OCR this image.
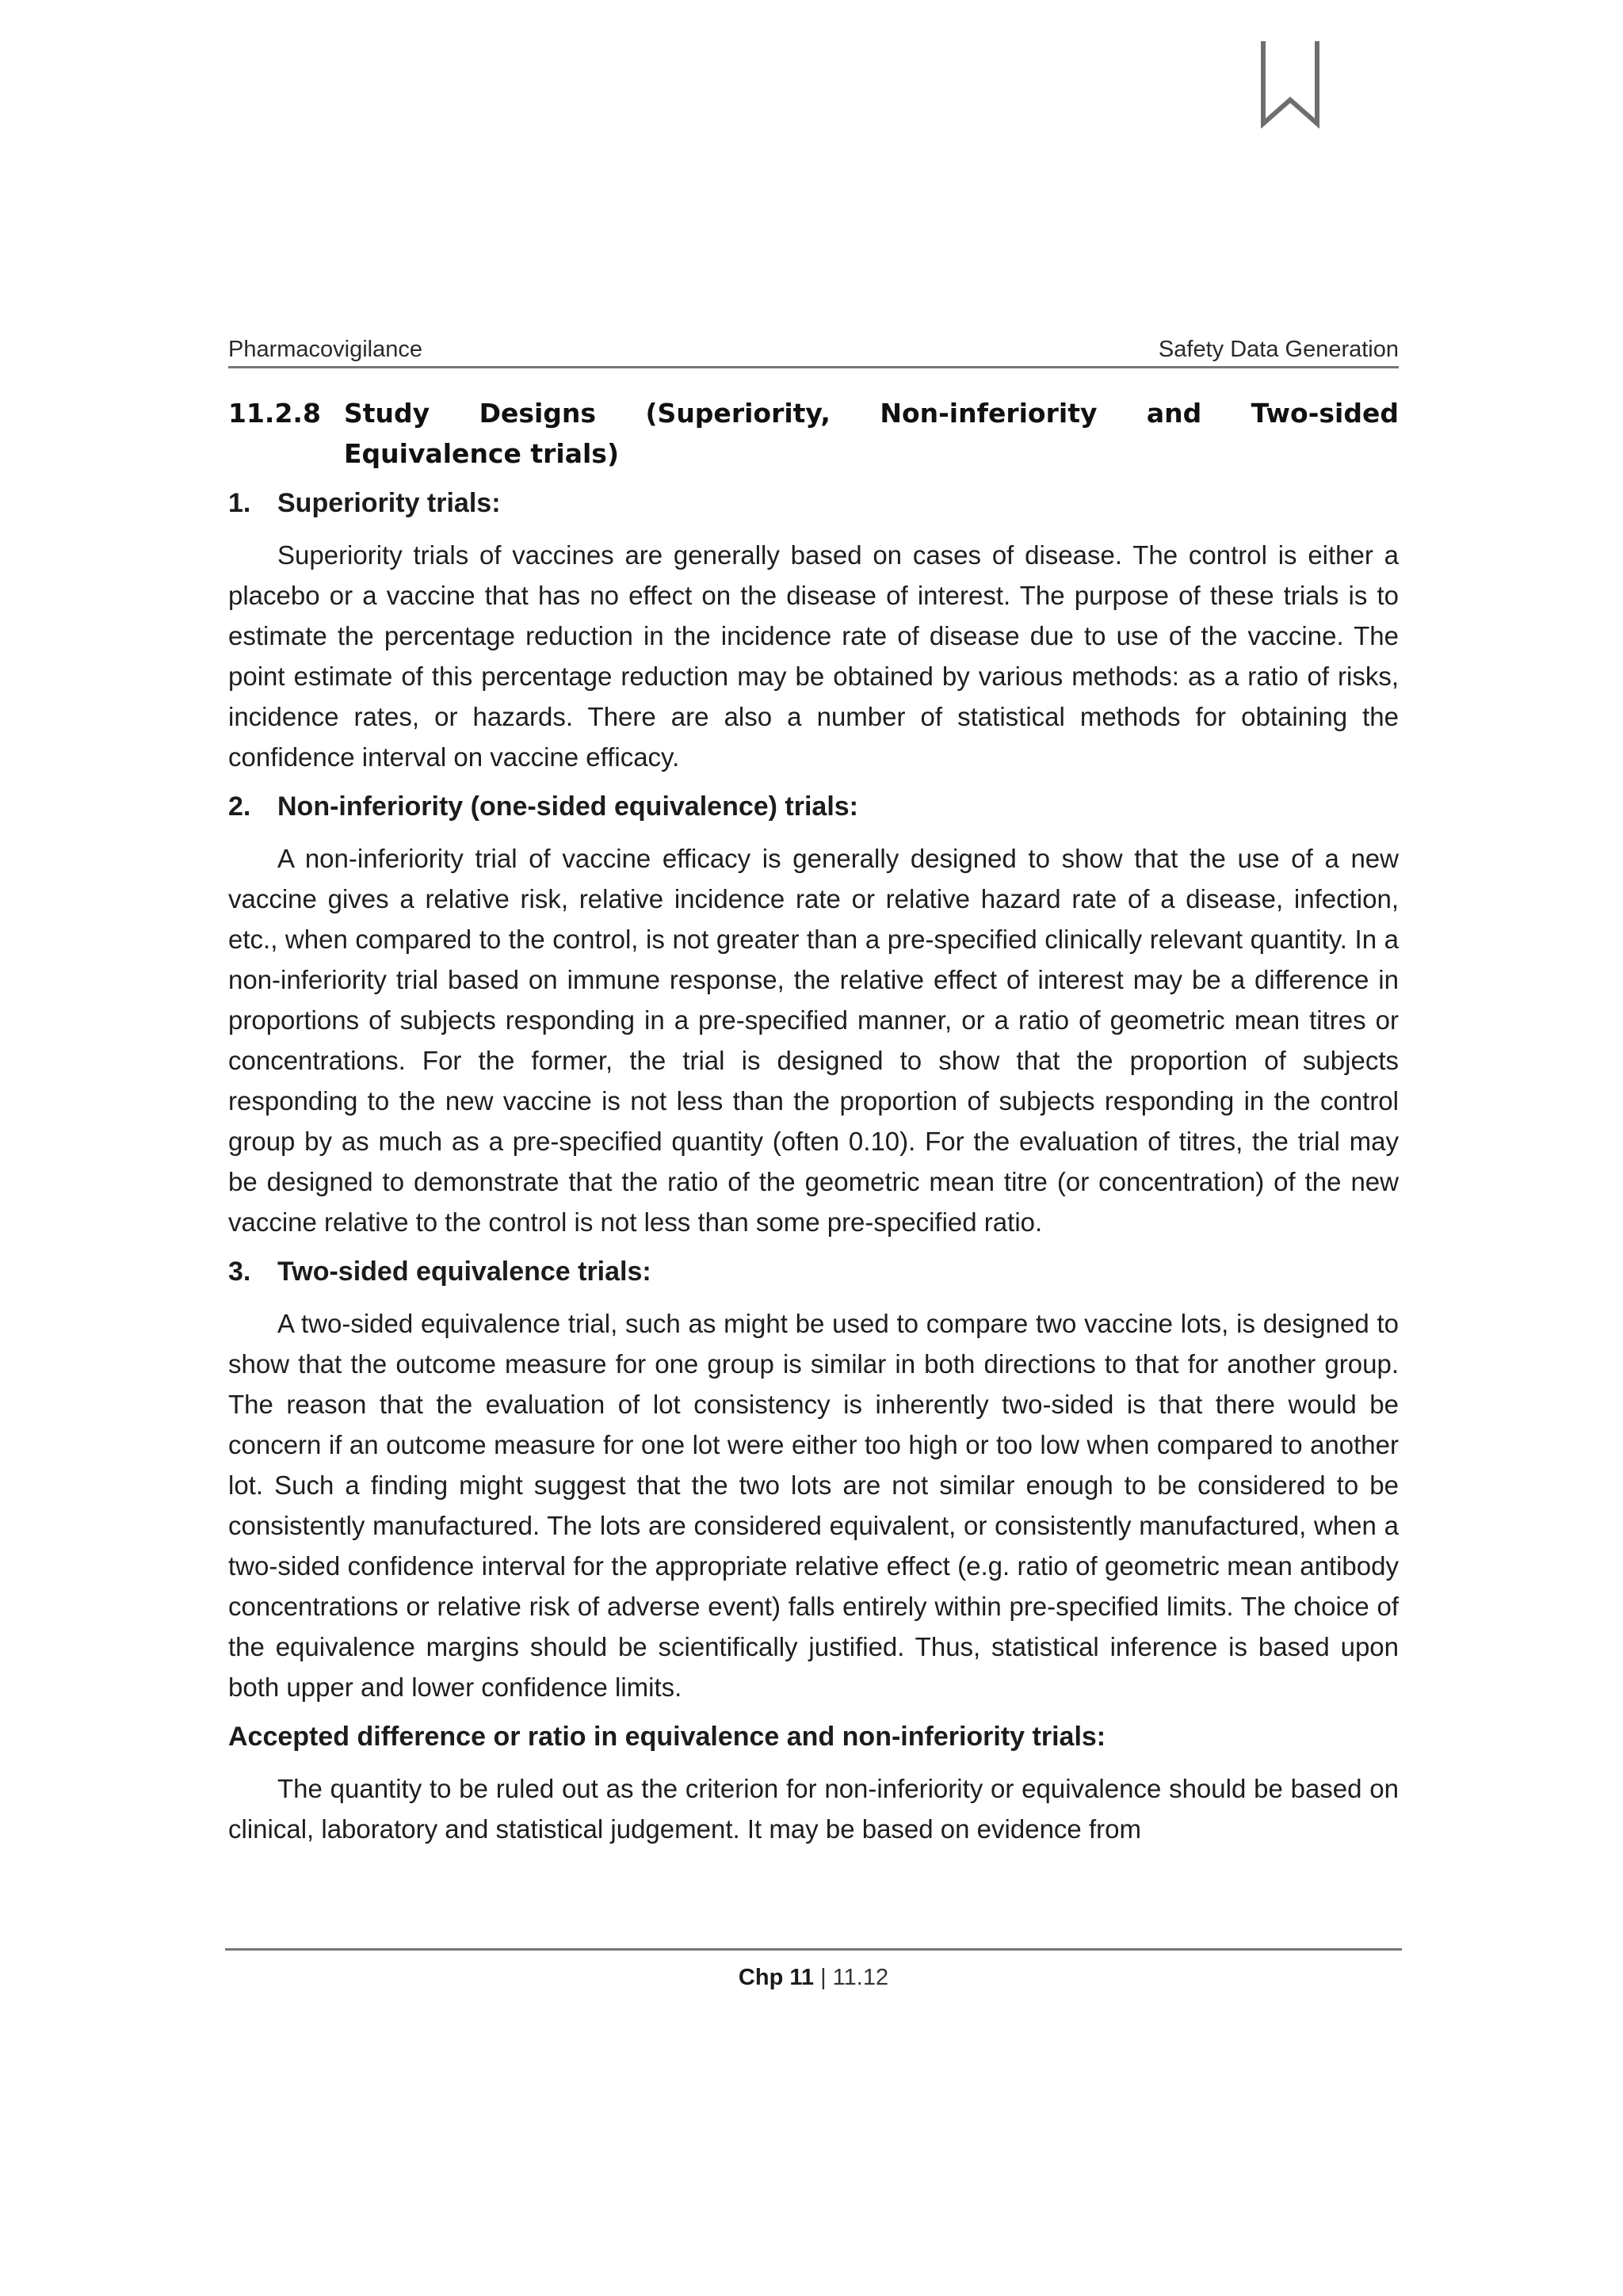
Pharmacovigilance	Safety Data Generation
11.2.8 Study Designs (Superiority, Non-inferiority and Two-sided
Equivalence trials)
1. Superiority trials:

Superiority trials of vaccines are generally based on cases of disease. The control is either a placebo or a vaccine that has no effect on the disease of interest. The purpose of these trials is to estimate the percentage reduction in the incidence rate of disease due to use of the vaccine. The point estimate of this percentage reduction may be obtained by various methods: as a ratio of risks, incidence rates, or hazards. There are also a number of statistical methods for obtaining the confidence interval on vaccine efficacy.

2. Non-inferiority (one-sided equivalence) trials:

A non-inferiority trial of vaccine efficacy is generally designed to show that the use of a new vaccine gives a relative risk, relative incidence rate or relative hazard rate of a disease, infection, etc., when compared to the control, is not greater than a pre-specified clinically relevant quantity. In a non-inferiority trial based on immune response, the relative effect of interest may be a difference in proportions of subjects responding in a pre-specified manner, or a ratio of geometric mean titres or concentrations. For the former, the trial is designed to show that the proportion of subjects responding to the new vaccine is not less than the proportion of subjects responding in the control group by as much as a pre-specified quantity (often 0.10). For the evaluation of titres, the trial may be designed to demonstrate that the ratio of the geometric mean titre (or concentration) of the new vaccine relative to the control is not less than some pre-specified ratio.

3. Two-sided equivalence trials:

A two-sided equivalence trial, such as might be used to compare two vaccine lots, is designed to show that the outcome measure for one group is similar in both directions to that for another group. The reason that the evaluation of lot consistency is inherently two-sided is that there would be concern if an outcome measure for one lot were either too high or too low when compared to another lot. Such a finding might suggest that the two lots are not similar enough to be considered to be consistently manufactured. The lots are considered equivalent, or consistently manufactured, when a two-sided confidence interval for the appropriate relative effect (e.g. ratio of geometric mean antibody concentrations or relative risk of adverse event) falls entirely within pre-specified limits. The choice of the equivalence margins should be scientifically justified. Thus, statistical inference is based upon both upper and lower confidence limits.

Accepted difference or ratio in equivalence and non-inferiority trials:

The quantity to be ruled out as the criterion for non-inferiority or equivalence should be based on clinical, laboratory and statistical judgement. It may be based on evidence from

Chp 11 | 11.12
